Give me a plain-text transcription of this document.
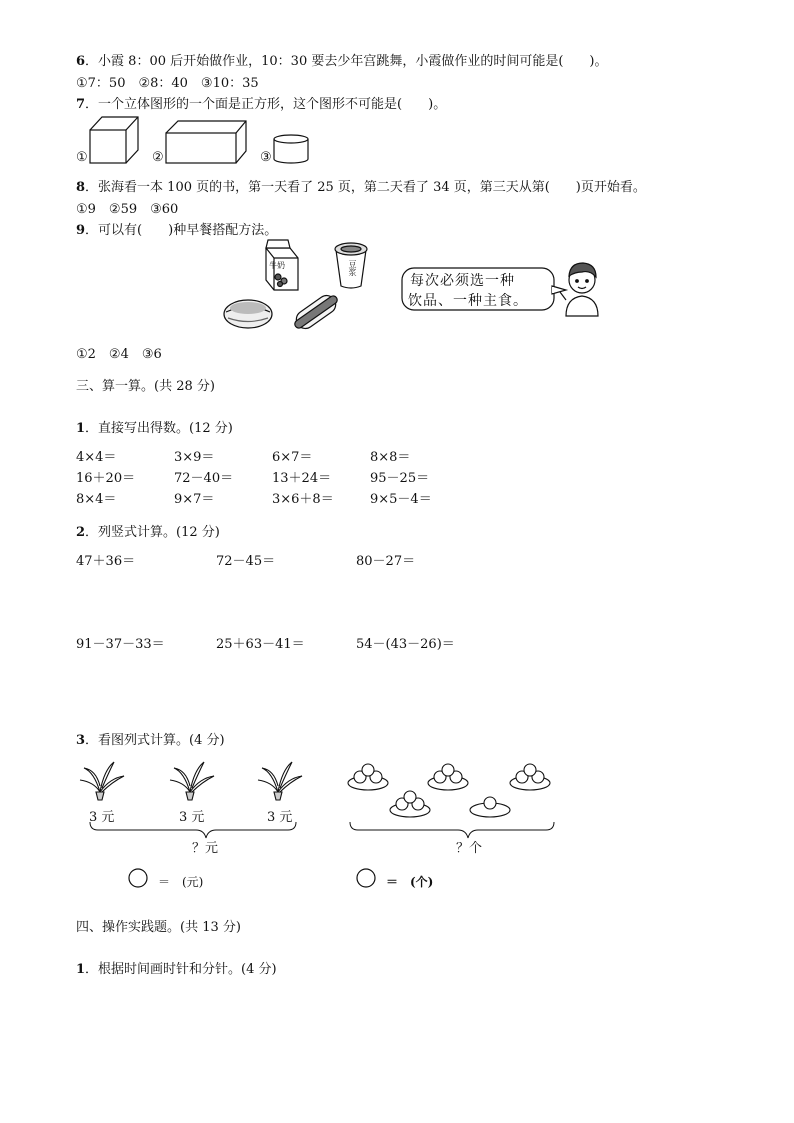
6．小霞 8：00 后开始做作业，10：30 要去少年宫跳舞，小霞做作业的时间可能是(　　)。
①7：50　②8：40　③10：35
7．一个立体图形的一个面是正方形，这个图形不可能是(　　)。
①	②	③
每次必须选一种
饮品、一种主食。
牛奶	豆浆
8．张海看一本 100 页的书，第一天看了 25 页，第二天看了 34 页，第三天从第(　　)页开始看。
①9　②59　③60
9．可以有(　　)种早餐搭配方法。
①2　②4　③6
三、算一算。(共 28 分)
1．直接写出得数。(12 分)
4×4＝	3×9＝	6×7＝	8×8＝
16＋20＝	72－40＝	13＋24＝	95－25＝
8×4＝	9×7＝	3×6＋8＝	9×5－4＝
2．列竖式计算。(12 分)
47＋36＝	72－45＝	80－27＝
91－37－33＝	25＋63－41＝	54－(43－26)＝
3．看图列式计算。(4 分)
3 元	3 元	3 元
？元	？个
＝　(元)	＝　(个)
四、操作实践题。(共 13 分)
1．根据时间画时针和分针。(4 分)
